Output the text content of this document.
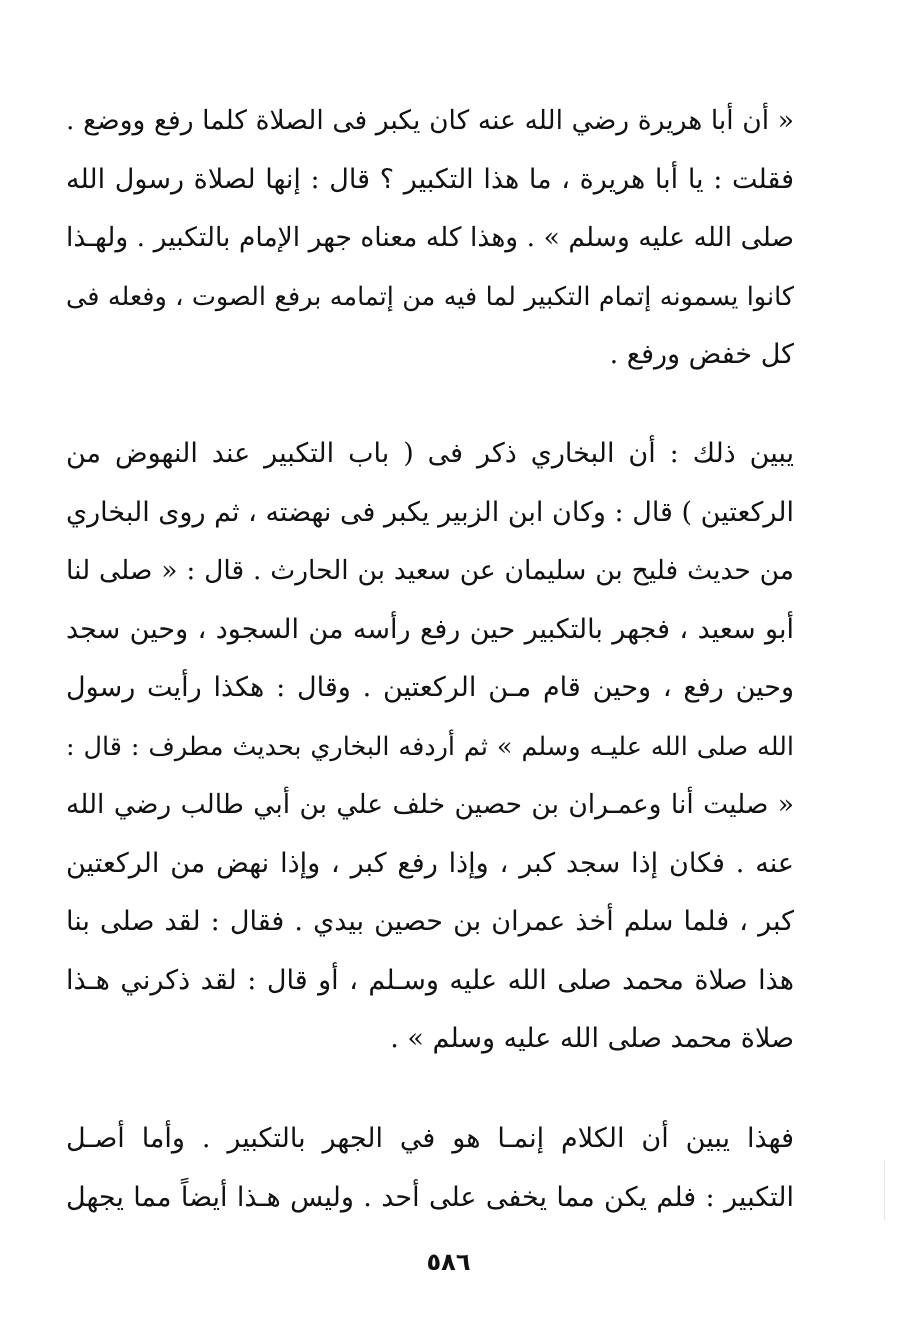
« أن أبا هريرة رضي الله عنه كان يكبر فى الصلاة كلما رفع ووضع .
فقلت : يا أبا هريرة ، ما هذا التكبير ؟ قال : إنها لصلاة رسول الله
صلى الله عليه وسلم » . وهذا كله معناه جهر الإمام بالتكبير . ولهـذا
كانوا يسمونه إتمام التكبير لما فيه من إتمامه برفع الصوت ، وفعله فى
كل خفض ورفع .
يبين ذلك : أن البخاري ذكر فى ( باب التكبير عند النهوض من
الركعتين ) قال : وكان ابن الزبير يكبر فى نهضته ، ثم روى البخاري
من حديث فليح بن سليمان عن سعيد بن الحارث . قال : « صلى لنا
أبو سعيد ، فجهر بالتكبير حين رفع رأسه من السجود ، وحين سجد
وحين رفع ، وحين قام مـن الركعتين . وقال : هكذا رأيت رسول
الله صلى الله عليـه وسلم » ثم أردفه البخاري بحديث مطرف : قال :
« صليت أنا وعمـران بن حصين خلف علي بن أبي طالب رضي الله
عنه . فكان إذا سجد كبر ، وإذا رفع كبر ، وإذا نهض من الركعتين
كبر ، فلما سلم أخذ عمران بن حصين بيدي . فقال : لقد صلى بنا
هذا صلاة محمد صلى الله عليه وسـلم ، أو قال : لقد ذكرني هـذا
صلاة محمد صلى الله عليه وسلم » .
فهذا يبين أن الكلام إنمـا هو في الجهر بالتكبير . وأما أصـل
التكبير : فلم يكن مما يخفى على أحد . وليس هـذا أيضاً مما يجهل
٥٨٦
